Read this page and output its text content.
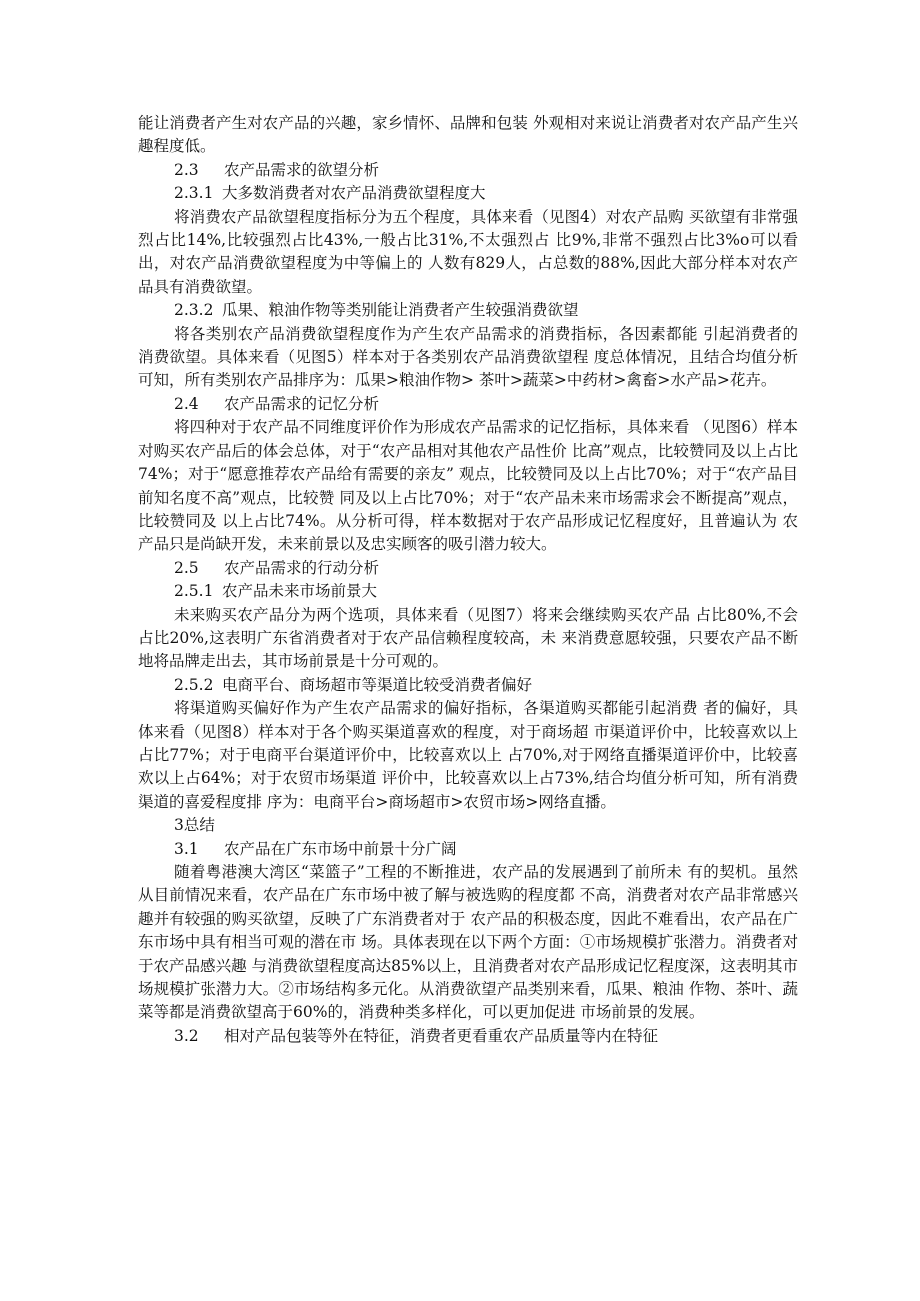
能让消费者产生对农产品的兴趣，家乡情怀、品牌和包装 外观相对来说让消费者对农产品产生兴趣程度低。

2.3 农产品需求的欲望分析

2.3.1 大多数消费者对农产品消费欲望程度大

将消费农产品欲望程度指标分为五个程度，具体来看（见图4）对农产品购 买欲望有非常强烈占比14%,比较强烈占比43%,一般占比31%,不太强烈占 比9%,非常不强烈占比3%o可以看出，对农产品消费欲望程度为中等偏上的 人数有829人，占总数的88%,因此大部分样本对农产品具有消费欲望。

2.3.2 瓜果、粮油作物等类别能让消费者产生较强消费欲望

将各类别农产品消费欲望程度作为产生农产品需求的消费指标，各因素都能 引起消费者的消费欲望。具体来看（见图5）样本对于各类别农产品消费欲望程 度总体情况，且结合均值分析可知，所有类别农产品排序为：瓜果>粮油作物> 茶叶>蔬菜>中药材>禽畜>水产品>花卉。

2.4 农产品需求的记忆分析

将四种对于农产品不同维度评价作为形成农产品需求的记忆指标，具体来看 （见图6）样本对购买农产品后的体会总体，对于“农产品相对其他农产品性价 比高”观点，比较赞同及以上占比74%；对于“愿意推荐农产品给有需要的亲友” 观点，比较赞同及以上占比70%；对于“农产品目前知名度不高”观点，比较赞 同及以上占比70%；对于“农产品未来市场需求会不断提高”观点，比较赞同及 以上占比74%。从分析可得，样本数据对于农产品形成记忆程度好，且普遍认为 农产品只是尚缺开发，未来前景以及忠实顾客的吸引潜力较大。

2.5 农产品需求的行动分析

2.5.1 农产品未来市场前景大

未来购买农产品分为两个选项，具体来看（见图7）将来会继续购买农产品 占比80%,不会占比20%,这表明广东省消费者对于农产品信赖程度较高，未 来消费意愿较强，只要农产品不断地将品牌走出去，其市场前景是十分可观的。

2.5.2 电商平台、商场超市等渠道比较受消费者偏好

将渠道购买偏好作为产生农产品需求的偏好指标，各渠道购买都能引起消费 者的偏好，具体来看（见图8）样本对于各个购买渠道喜欢的程度，对于商场超 市渠道评价中，比较喜欢以上占比77%；对于电商平台渠道评价中，比较喜欢以上 占70%,对于网络直播渠道评价中，比较喜欢以上占64%；对于农贸市场渠道 评价中，比较喜欢以上占73%,结合均值分析可知，所有消费渠道的喜爱程度排 序为：电商平台>商场超市>农贸市场>网络直播。

3总结

3.1 农产品在广东市场中前景十分广阔

随着粤港澳大湾区“菜篮子”工程的不断推进，农产品的发展遇到了前所未 有的契机。虽然从目前情况来看，农产品在广东市场中被了解与被选购的程度都 不高，消费者对农产品非常感兴趣并有较强的购买欲望，反映了广东消费者对于 农产品的积极态度，因此不难看出，农产品在广东市场中具有相当可观的潜在市 场。具体表现在以下两个方面：①市场规模扩张潜力。消费者对于农产品感兴趣 与消费欲望程度高达85%以上，且消费者对农产品形成记忆程度深，这表明其市 场规模扩张潜力大。②市场结构多元化。从消费欲望产品类别来看，瓜果、粮油 作物、茶叶、蔬菜等都是消费欲望高于60%的，消费种类多样化，可以更加促进 市场前景的发展。

3.2 相对产品包装等外在特征，消费者更看重农产品质量等内在特征
